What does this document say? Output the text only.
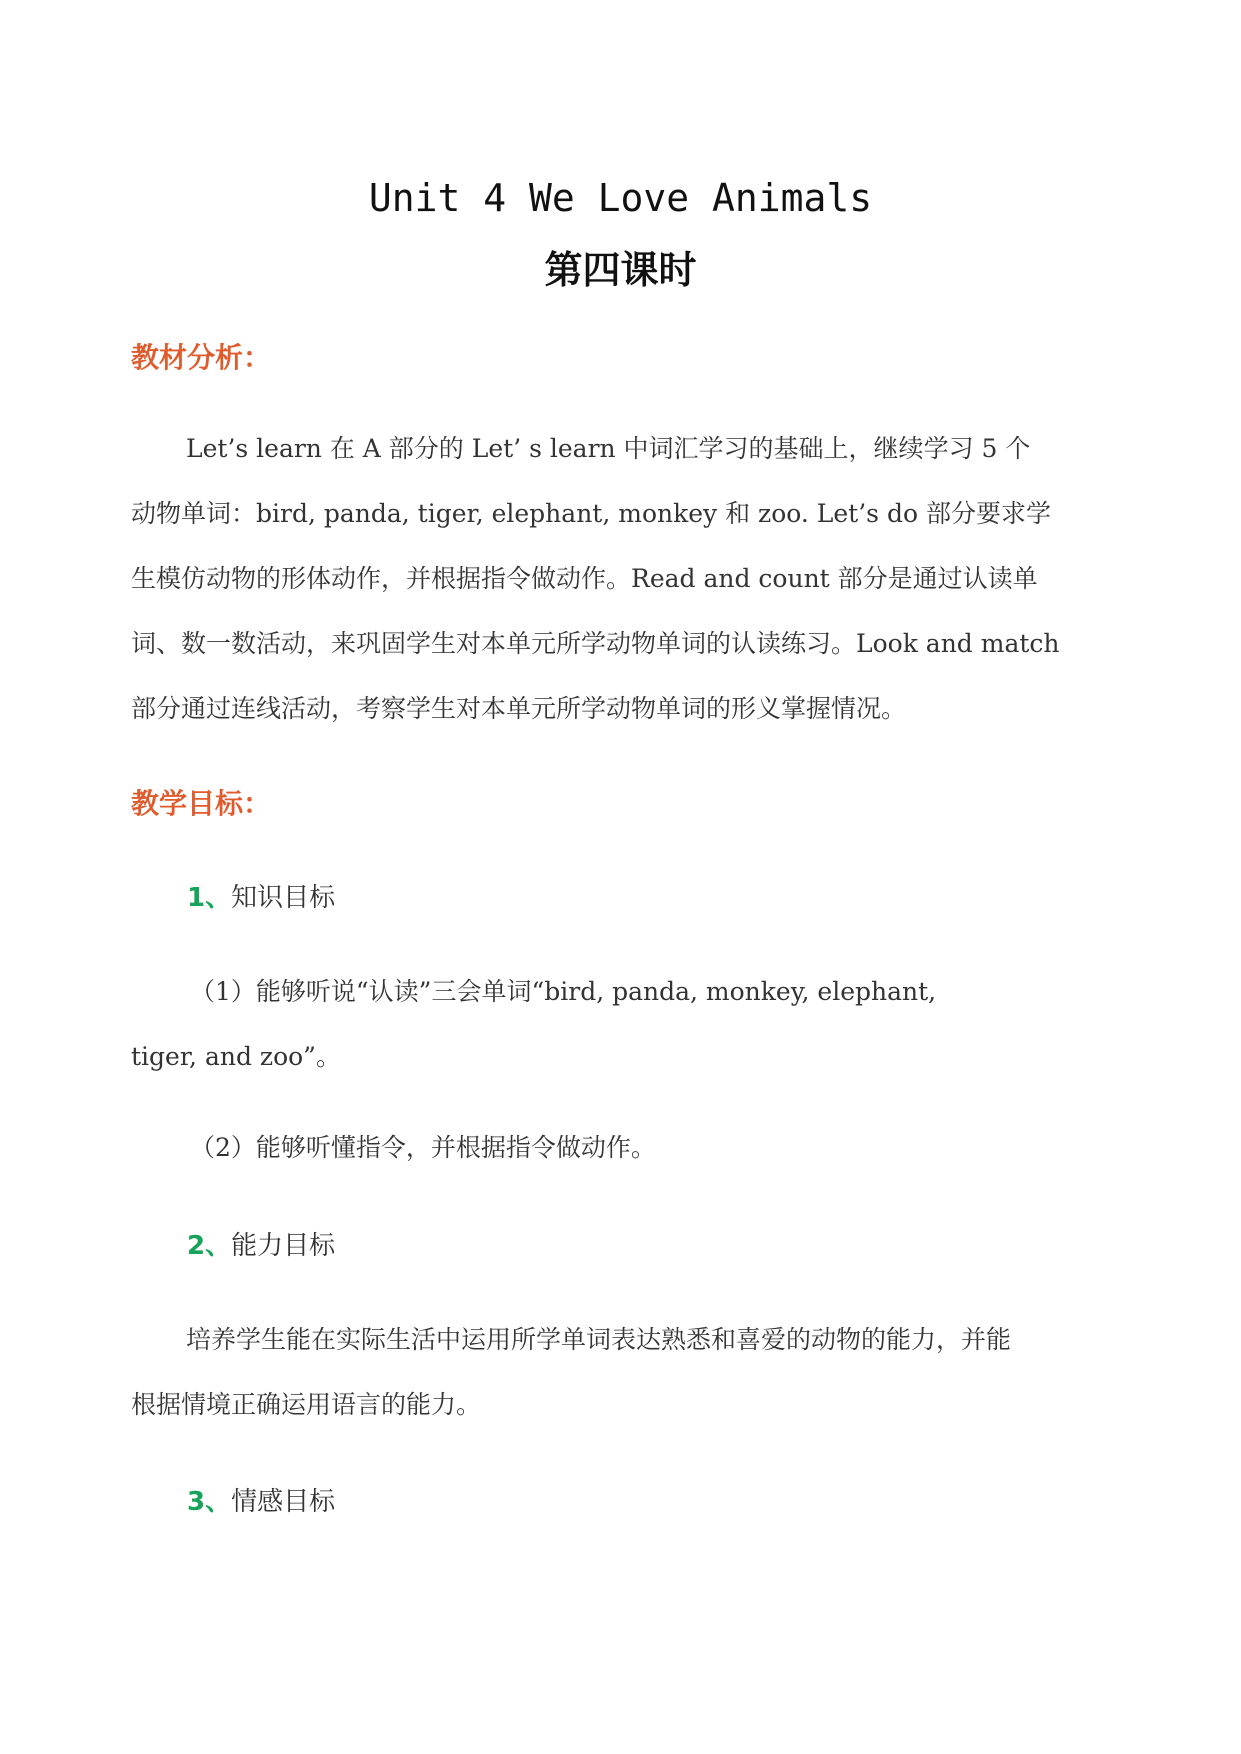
Unit 4 We Love Animals
第四课时
教材分析：
Let’s learn 在 A 部分的 Let’ s learn 中词汇学习的基础上，继续学习 5 个
动物单词：bird, panda, tiger, elephant, monkey 和 zoo. Let’s do 部分要求学
生模仿动物的形体动作，并根据指令做动作。Read and count 部分是通过认读单
词、数一数活动，来巩固学生对本单元所学动物单词的认读练习。Look and match
部分通过连线活动，考察学生对本单元所学动物单词的形义掌握情况。
教学目标：
1、知识目标
（1）能够听说“认读”三会单词“bird, panda, monkey, elephant,
tiger, and zoo”。
（2）能够听懂指令，并根据指令做动作。
2、能力目标
培养学生能在实际生活中运用所学单词表达熟悉和喜爱的动物的能力，并能
根据情境正确运用语言的能力。
3、情感目标
